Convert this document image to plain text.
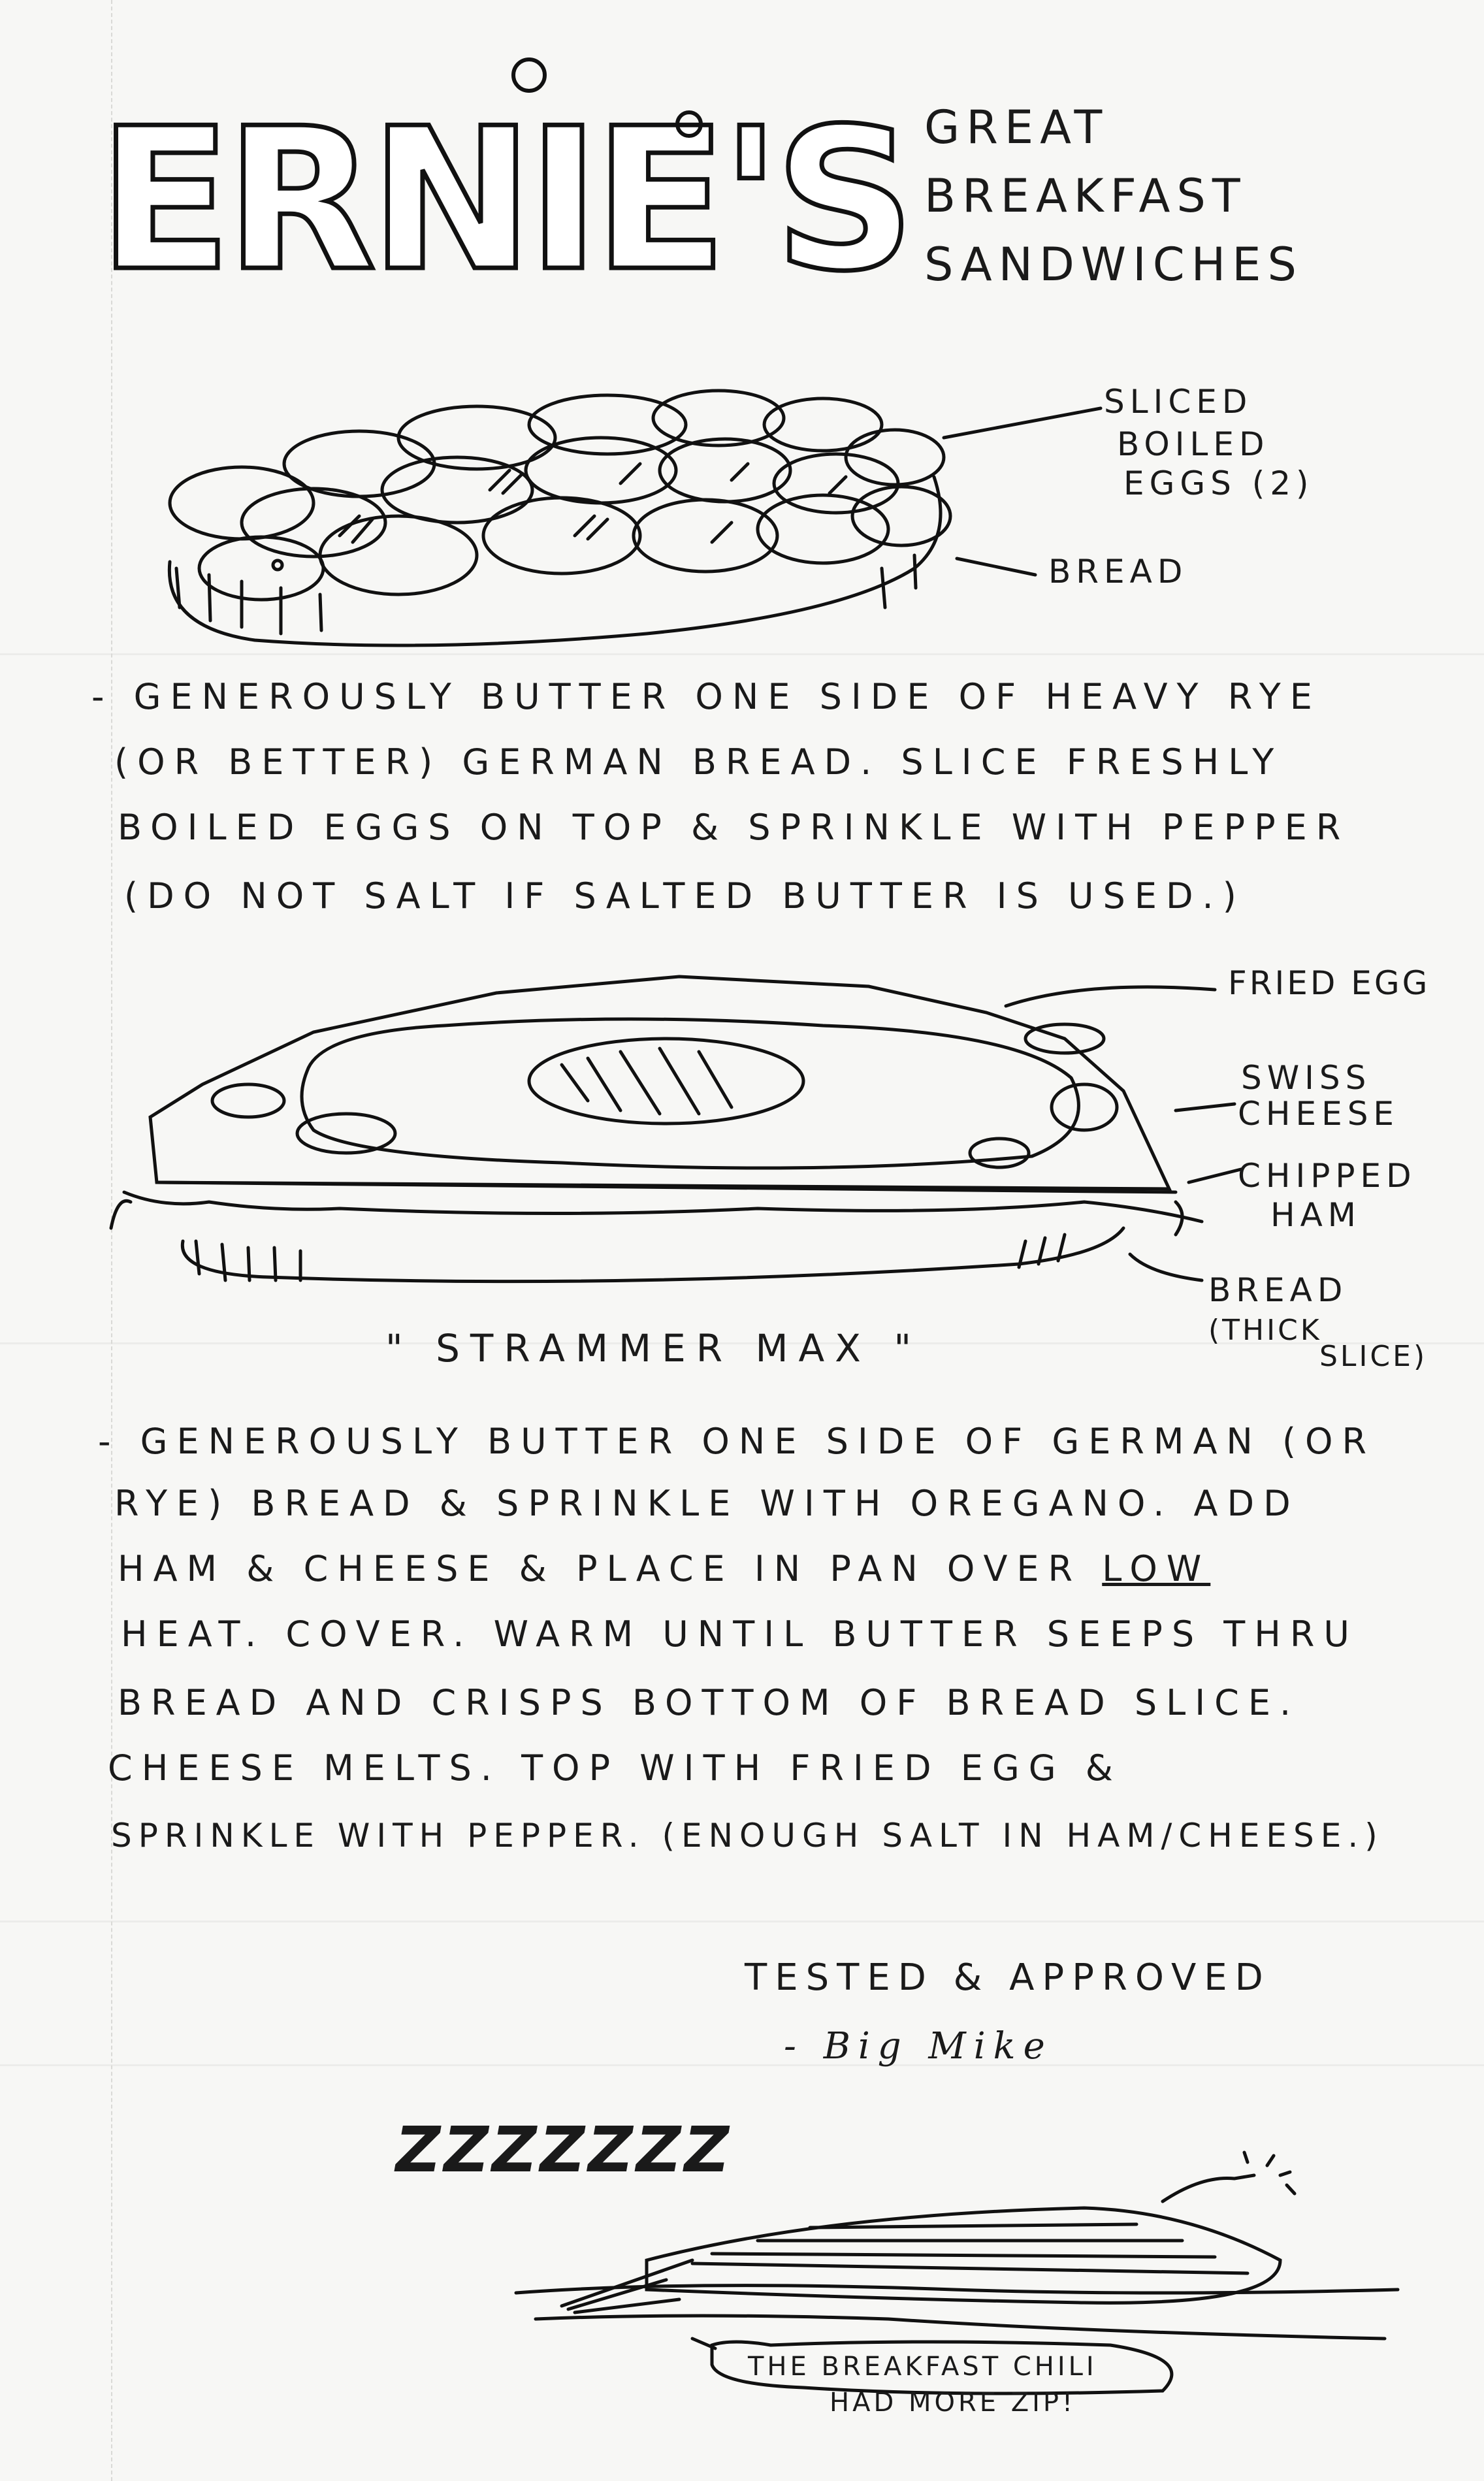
ERNIE'S GREAT
BREAKFAST
SANDWICHES
SLICED
BOILED
EGGS (2)
BREAD
- GENEROUSLY BUTTER ONE SIDE OF HEAVY RYE
(OR BETTER) GERMAN BREAD. SLICE FRESHLY
BOILED EGGS ON TOP & SPRINKLE WITH PEPPER
(DO NOT SALT IF SALTED BUTTER IS USED.)
FRIED EGG
SWISS
CHEESE
CHIPPED
HAM
BREAD
(THICK
SLICE)
" STRAMMER MAX "
- GENEROUSLY BUTTER ONE SIDE OF GERMAN (OR
RYE) BREAD & SPRINKLE WITH OREGANO. ADD
HAM & CHEESE & PLACE IN PAN OVER LOW
HEAT. COVER. WARM UNTIL BUTTER SEEPS THRU
BREAD AND CRISPS BOTTOM OF BREAD SLICE.
CHEESE MELTS. TOP WITH FRIED EGG &
SPRINKLE WITH PEPPER. (ENOUGH SALT IN HAM/CHEESE.)
TESTED & APPROVED
- Big Mike
ZZZZZZZ
THE BREAKFAST CHILI
HAD MORE ZIP!
